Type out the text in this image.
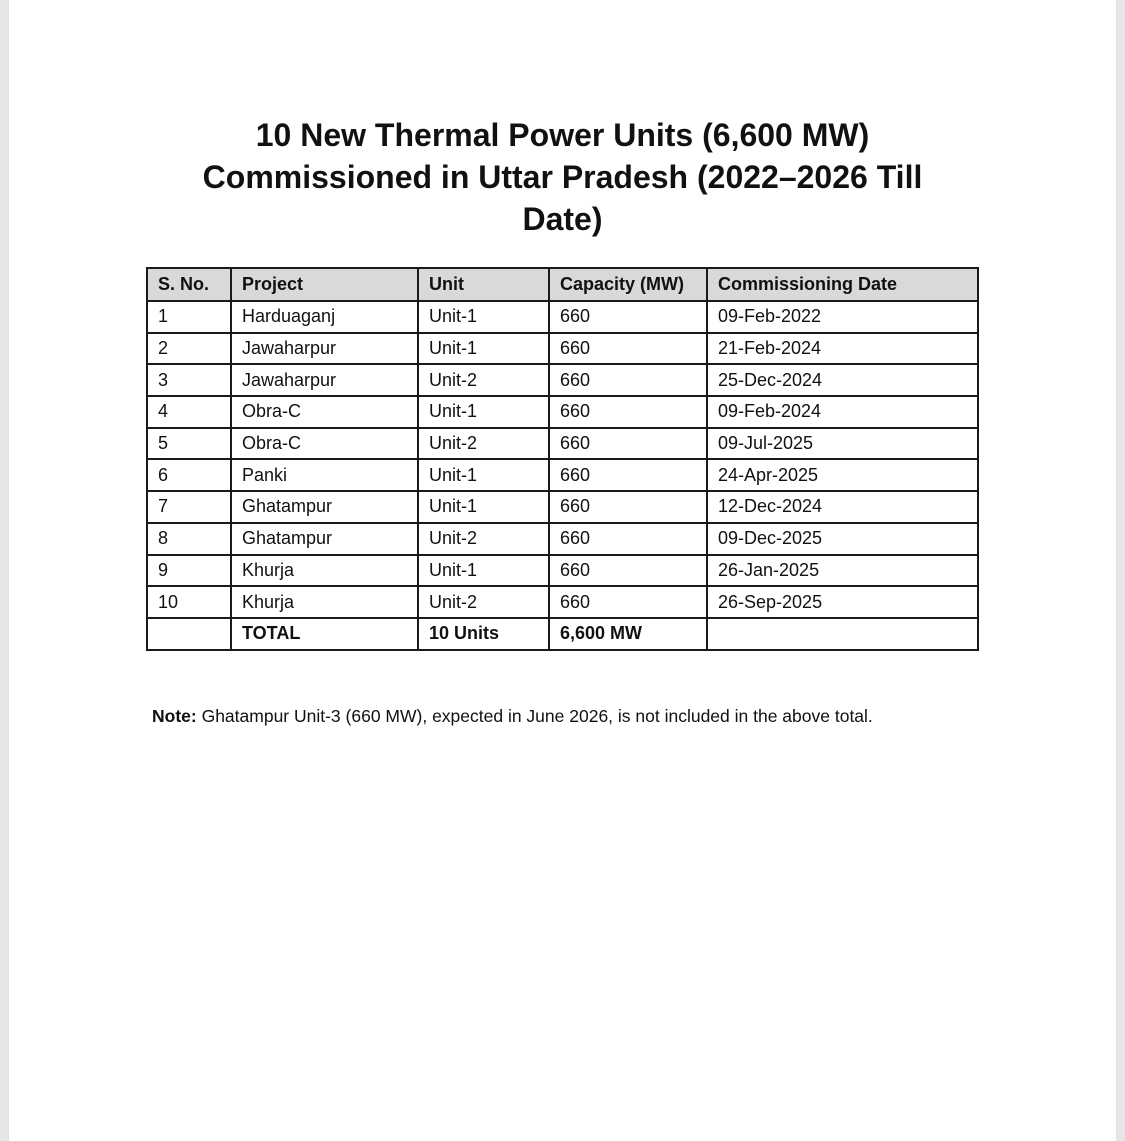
10 New Thermal Power Units (6,600 MW)
Commissioned in Uttar Pradesh (2022–2026 Till
Date)
S. No.	Project	Unit	Capacity (MW)	Commissioning Date
1	Harduaganj	Unit-1	660	09-Feb-2022
2	Jawaharpur	Unit-1	660	21-Feb-2024
3	Jawaharpur	Unit-2	660	25-Dec-2024
4	Obra-C	Unit-1	660	09-Feb-2024
5	Obra-C	Unit-2	660	09-Jul-2025
6	Panki	Unit-1	660	24-Apr-2025
7	Ghatampur	Unit-1	660	12-Dec-2024
8	Ghatampur	Unit-2	660	09-Dec-2025
9	Khurja	Unit-1	660	26-Jan-2025
10	Khurja	Unit-2	660	26-Sep-2025
	TOTAL	10 Units	6,600 MW	
Note: Ghatampur Unit-3 (660 MW), expected in June 2026, is not included in the above total.
